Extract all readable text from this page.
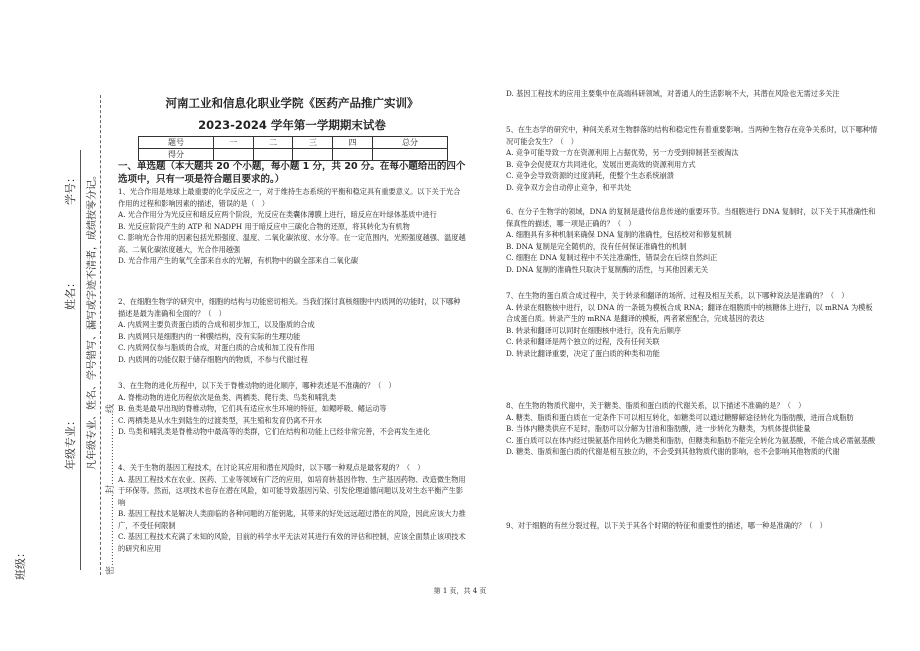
学号：
姓名：
年级专业：
班级：
凡年级专业、姓名、学号错写、漏写或字迹不清者，成绩按零分记。
密……………………封……………………线
河南工业和信息化职业学院《医药产品推广实训》
2023-2024 学年第一学期期末试卷
题号	一	二	三	四	总分
得分					
一、单选题（本大题共 20 个小题，每小题 1 分，共 20 分。在每小题给出的四个选项中，只有一项是符合题目要求的。）

1、光合作用是地球上最重要的化学反应之一，对于维持生态系统的平衡和稳定具有重要意义。以下关于光合作用的过程和影响因素的描述，错误的是（　）

A. 光合作用分为光反应和暗反应两个阶段，光反应在类囊体薄膜上进行，暗反应在叶绿体基质中进行

B. 光反应阶段产生的 ATP 和 NADPH 用于暗反应中三碳化合物的还原，将其转化为有机物

C. 影响光合作用的因素包括光照强度、温度、二氧化碳浓度、水分等。在一定范围内，光照强度越强、温度越高、二氧化碳浓度越大，光合作用越强

D. 光合作用产生的氧气全部来自水的光解，有机物中的碳全部来自二氧化碳

2、在细胞生物学的研究中，细胞的结构与功能密切相关。当我们探讨真核细胞中内质网的功能时，以下哪种描述是最为准确和全面的？（　）

A. 内质网主要负责蛋白质的合成和初步加工，以及脂质的合成

B. 内质网只是细胞内的一种膜结构，没有实际的生理功能

C. 内质网仅参与脂质的合成，对蛋白质的合成和加工没有作用

D. 内质网的功能仅限于储存细胞内的物质，不参与代谢过程

3、在生物的进化历程中，以下关于脊椎动物的进化顺序，哪种表述是不准确的？（　）

A. 脊椎动物的进化历程依次是鱼类、两栖类、爬行类、鸟类和哺乳类

B. 鱼类是最早出现的脊椎动物，它们具有适应水生环境的特征，如鳃呼吸、鳍运动等

C. 两栖类是从水生到陆生的过渡类型，其生殖和发育仍离不开水

D. 鸟类和哺乳类是脊椎动物中最高等的类群，它们在结构和功能上已经非常完善，不会再发生进化

4、关于生物的基因工程技术，在讨论其应用和潜在风险时，以下哪一种观点是最客观的？（　）

A. 基因工程技术在农业、医药、工业等领域有广泛的应用，如培育转基因作物、生产基因药物、改造微生物用于环保等。然而，这项技术也存在潜在风险，如可能导致基因污染、引发伦理道德问题以及对生态平衡产生影响

B. 基因工程技术是解决人类面临的各种问题的万能钥匙，其带来的好处远远超过潜在的风险，因此应该大力推广，不受任何限制

C. 基因工程技术充满了未知的风险，目前的科学水平无法对其进行有效的评估和控制，应该全面禁止该项技术的研究和应用

D. 基因工程技术的应用主要集中在高端科研领域，对普通人的生活影响不大，其潜在风险也无需过多关注

5、在生态学的研究中，种间关系对生物群落的结构和稳定性有着重要影响。当两种生物存在竞争关系时，以下哪种情况可能会发生？（　）

A. 竞争可能导致一方在资源利用上占据优势，另一方受到抑制甚至被淘汰

B. 竞争会促使双方共同进化，发展出更高效的资源利用方式

C. 竞争会导致资源的过度消耗，使整个生态系统崩溃

D. 竞争双方会自动停止竞争，和平共处

6、在分子生物学的领域，DNA 的复制是遗传信息传递的重要环节。当细胞进行 DNA 复制时，以下关于其准确性和保真性的描述，哪一项是正确的？（　）

A. 细胞具有多种机制来确保 DNA 复制的准确性，包括校对和修复机制

B. DNA 复制是完全随机的，没有任何保证准确性的机制

C. 细胞在 DNA 复制过程中不关注准确性，错误会在后续自然纠正

D. DNA 复制的准确性只取决于复制酶的活性，与其他因素无关

7、在生物的蛋白质合成过程中，关于转录和翻译的场所、过程及相互关系，以下哪种说法是准确的？（　）

A. 转录在细胞核中进行，以 DNA 的一条链为模板合成 RNA；翻译在细胞质中的核糖体上进行，以 mRNA 为模板合成蛋白质。转录产生的 mRNA 是翻译的模板，两者紧密配合，完成基因的表达

B. 转录和翻译可以同时在细胞核中进行，没有先后顺序

C. 转录和翻译是两个独立的过程，没有任何关联

D. 转录比翻译重要，决定了蛋白质的种类和功能

8、在生物的物质代谢中，关于糖类、脂质和蛋白质的代谢关系，以下描述不准确的是？（　）

A. 糖类、脂质和蛋白质在一定条件下可以相互转化，如糖类可以通过糖酵解途径转化为脂肪酸，进而合成脂肪

B. 当体内糖类供应不足时，脂肪可以分解为甘油和脂肪酸，进一步转化为糖类，为机体提供能量

C. 蛋白质可以在体内经过脱氨基作用转化为糖类和脂肪，但糖类和脂肪不能完全转化为氨基酸，不能合成必需氨基酸

D. 糖类、脂质和蛋白质的代谢是相互独立的，不会受到其他物质代谢的影响，也不会影响其他物质的代谢

9、对于细胞的有丝分裂过程，以下关于其各个时期的特征和重要性的描述，哪一种是准确的？（　）

第 1 页，共 4 页
